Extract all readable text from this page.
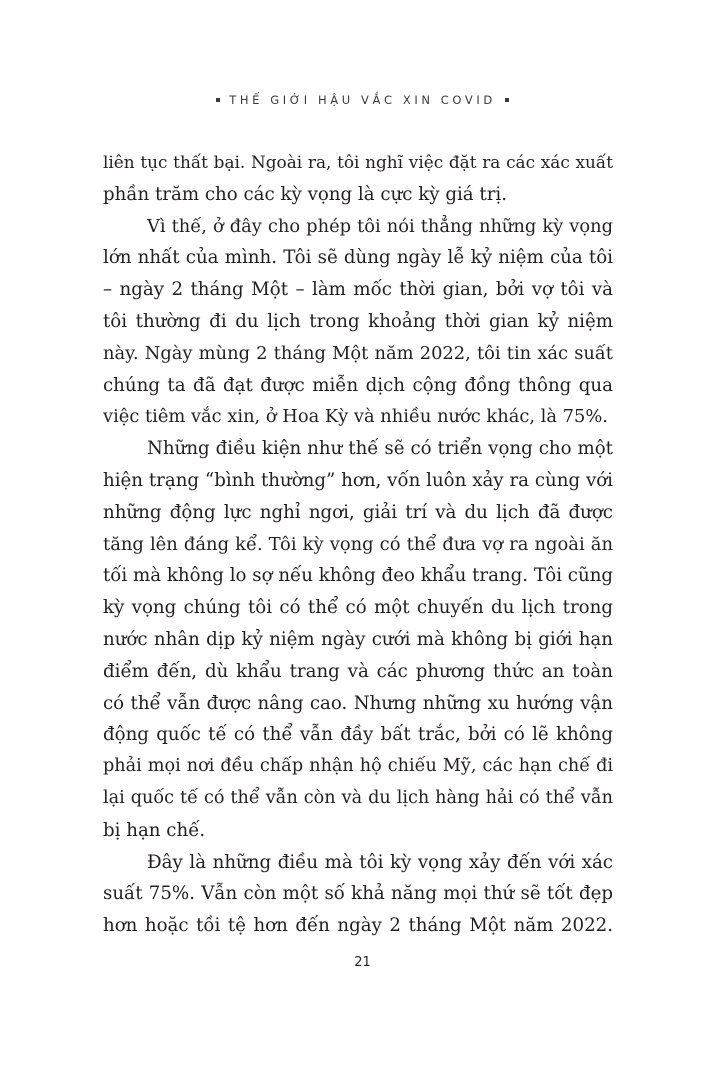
THẾ GIỚI HẬU VẮC XIN COVID
liên tục thất bại. Ngoài ra, tôi nghĩ việc đặt ra các xác xuất
phần trăm cho các kỳ vọng là cực kỳ giá trị.
Vì thế, ở đây cho phép tôi nói thẳng những kỳ vọng
lớn nhất của mình. Tôi sẽ dùng ngày lễ kỷ niệm của tôi
– ngày 2 tháng Một – làm mốc thời gian, bởi vợ tôi và
tôi thường đi du lịch trong khoảng thời gian kỷ niệm
này. Ngày mùng 2 tháng Một năm 2022, tôi tin xác suất
chúng ta đã đạt được miễn dịch cộng đồng thông qua
việc tiêm vắc xin, ở Hoa Kỳ và nhiều nước khác, là 75%.
Những điều kiện như thế sẽ có triển vọng cho một
hiện trạng “bình thường” hơn, vốn luôn xảy ra cùng với
những động lực nghỉ ngơi, giải trí và du lịch đã được
tăng lên đáng kể. Tôi kỳ vọng có thể đưa vợ ra ngoài ăn
tối mà không lo sợ nếu không đeo khẩu trang. Tôi cũng
kỳ vọng chúng tôi có thể có một chuyến du lịch trong
nước nhân dịp kỷ niệm ngày cưới mà không bị giới hạn
điểm đến, dù khẩu trang và các phương thức an toàn
có thể vẫn được nâng cao. Nhưng những xu hướng vận
động quốc tế có thể vẫn đầy bất trắc, bởi có lẽ không
phải mọi nơi đều chấp nhận hộ chiếu Mỹ, các hạn chế đi
lại quốc tế có thể vẫn còn và du lịch hàng hải có thể vẫn
bị hạn chế.
Đây là những điều mà tôi kỳ vọng xảy đến với xác
suất 75%. Vẫn còn một số khả năng mọi thứ sẽ tốt đẹp
hơn hoặc tồi tệ hơn đến ngày 2 tháng Một năm 2022.
21
